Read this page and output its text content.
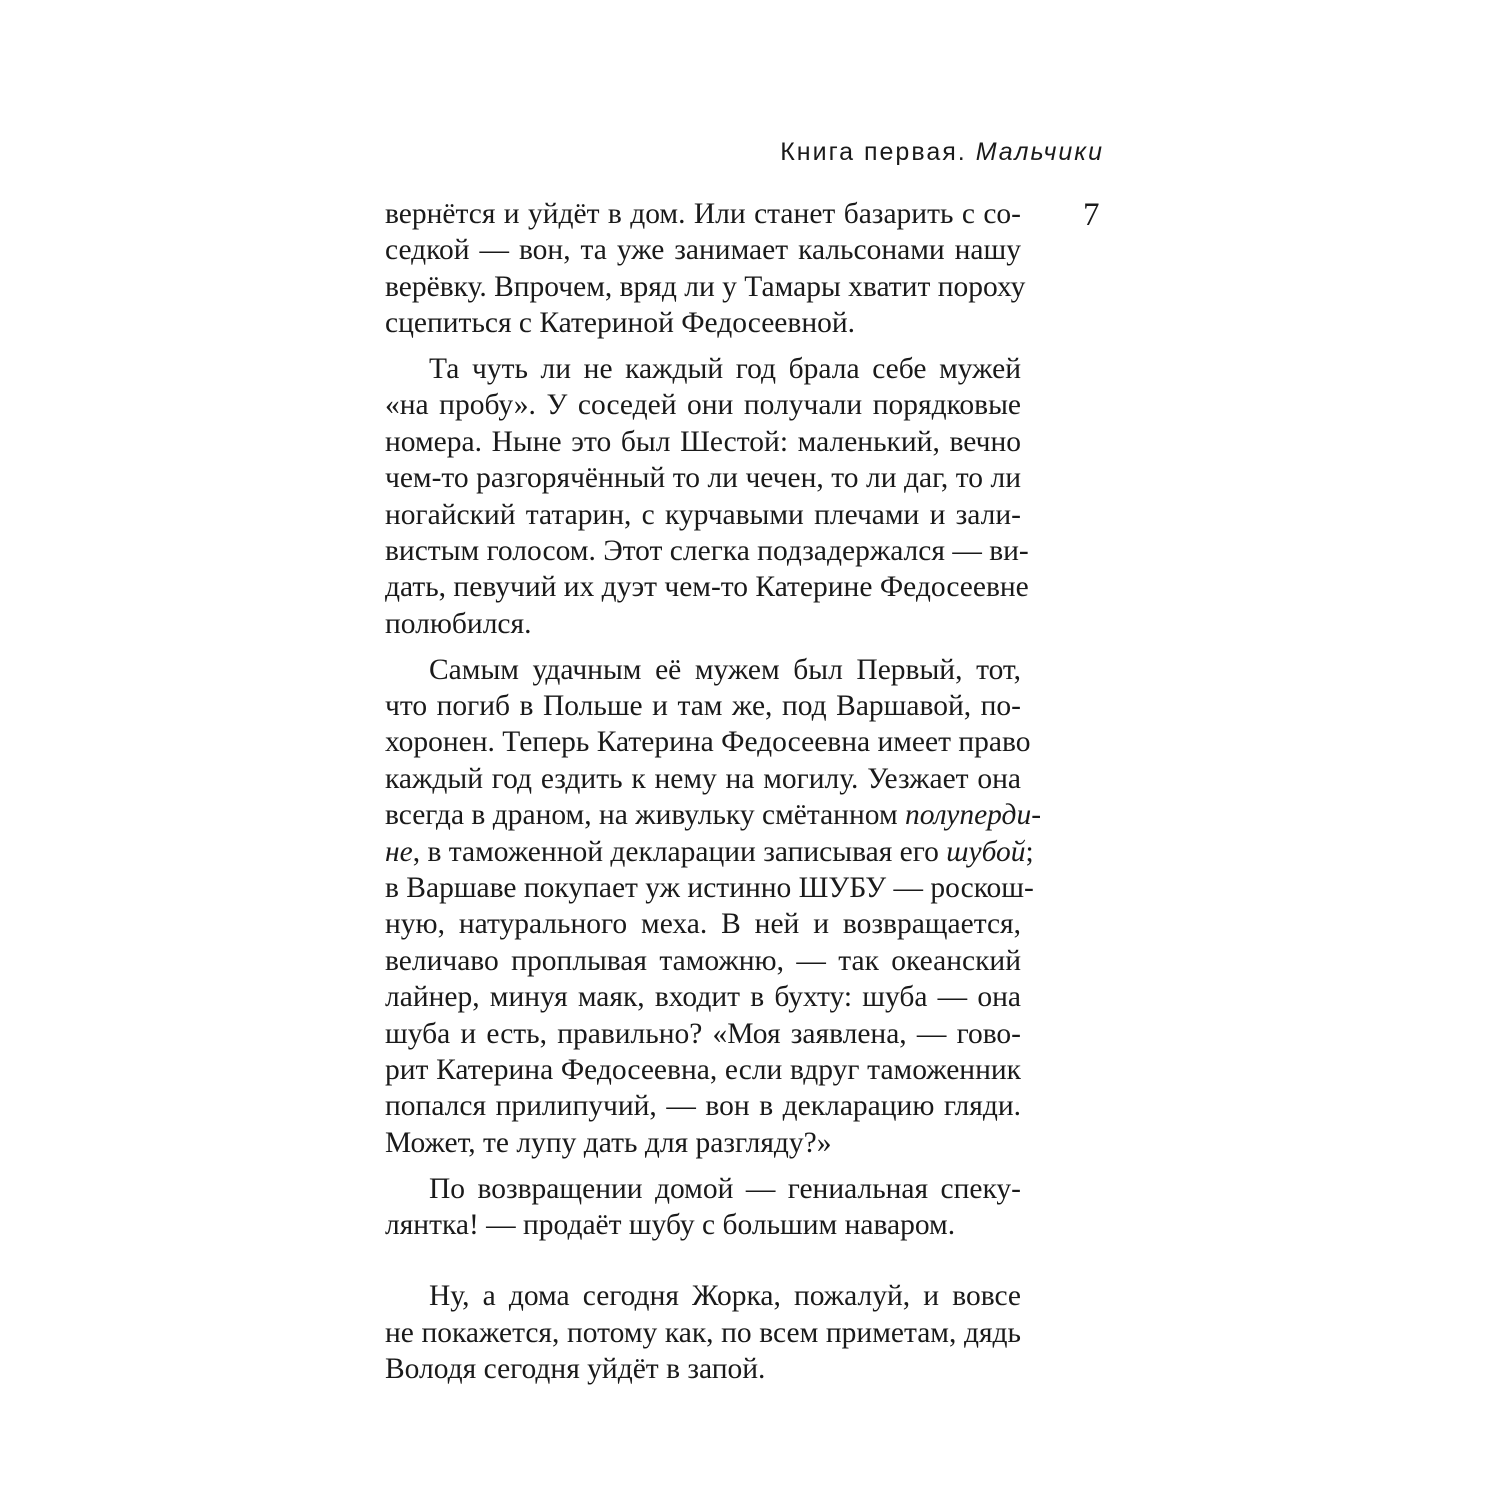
Книга первая. Мальчики
7
вернётся и уйдёт в дом. Или станет базарить с со-
седкой — вон, та уже занимает кальсонами нашу
верёвку. Впрочем, вряд ли у Тамары хватит пороху
сцепиться с Катериной Федосеевной.
Та чуть ли не каждый год брала себе мужей
«на пробу». У соседей они получали порядковые
номера. Ныне это был Шестой: маленький, вечно
чем-то разгорячённый то ли чечен, то ли даг, то ли
ногайский татарин, с курчавыми плечами и зали-
вистым голосом. Этот слегка подзадержался — ви-
дать, певучий их дуэт чем-то Катерине Федосеевне
полюбился.
Самым удачным её мужем был Первый, тот,
что погиб в Польше и там же, под Варшавой, по-
хоронен. Теперь Катерина Федосеевна имеет право
каждый год ездить к нему на могилу. Уезжает она
всегда в драном, на живульку смётанном полуперди-
не, в таможенной декларации записывая его шубой;
в Варшаве покупает уж истинно ШУБУ — роскош-
ную, натурального меха. В ней и возвращается,
величаво проплывая таможню, — так океанский
лайнер, минуя маяк, входит в бухту: шуба — она
шуба и есть, правильно? «Моя заявлена, — гово-
рит Катерина Федосеевна, если вдруг таможенник
попался прилипучий, — вон в декларацию гляди.
Может, те лупу дать для разгляду?»
По возвращении домой — гениальная спеку-
лянтка! — продаёт шубу с большим наваром.
Ну, а дома сегодня Жорка, пожалуй, и вовсе
не покажется, потому как, по всем приметам, дядь
Володя сегодня уйдёт в запой.
